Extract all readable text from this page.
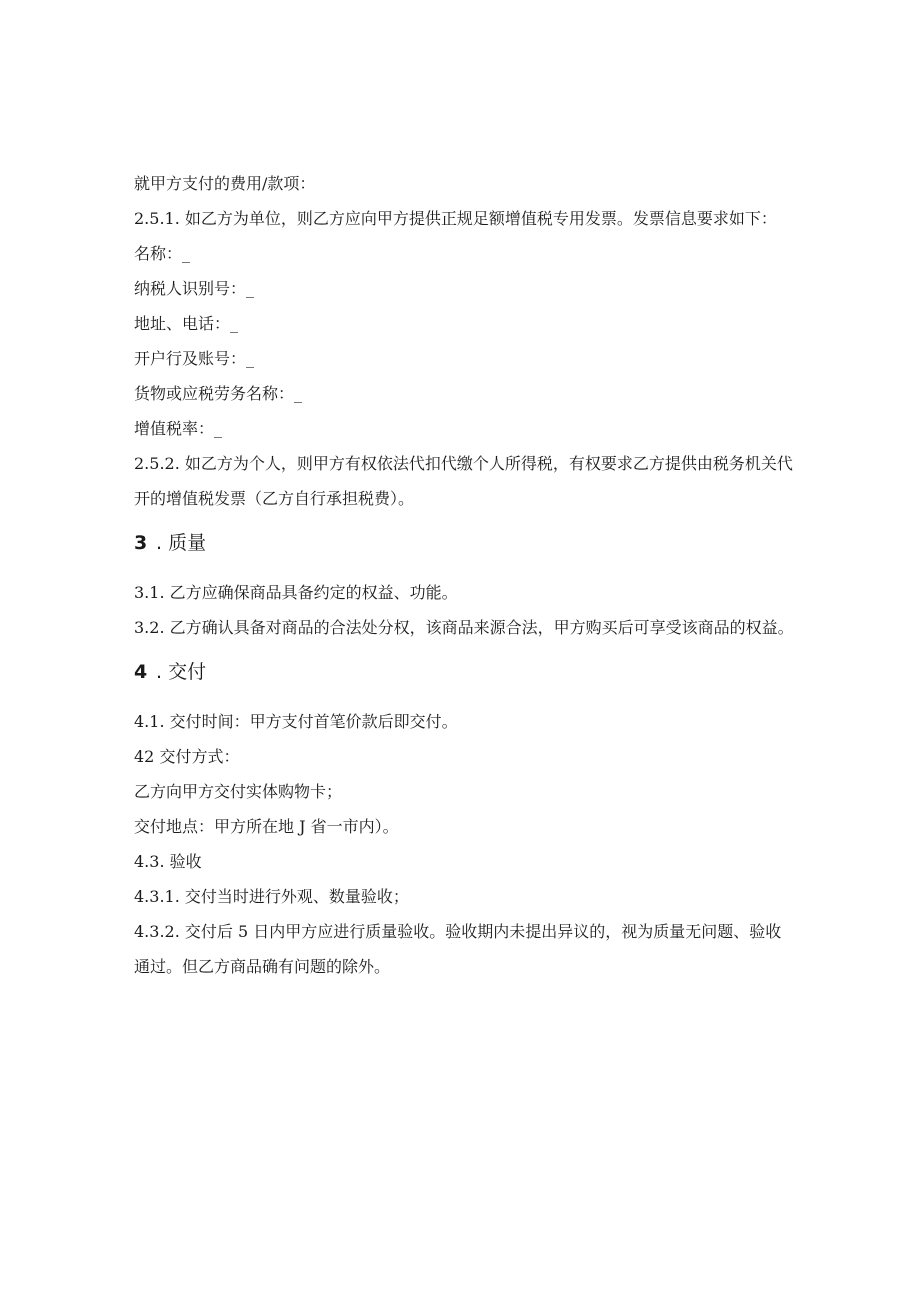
就甲方支付的费用/款项：

2.5.1. 如乙方为单位，则乙方应向甲方提供正规足额增值税专用发票。发票信息要求如下：

名称：_

纳税人识别号：_

地址、电话：_

开户行及账号：_

货物或应税劳务名称：_

增值税率：_

2.5.2. 如乙方为个人，则甲方有权依法代扣代缴个人所得税，有权要求乙方提供由税务机关代开的增值税发票（乙方自行承担税费）。

3 . 质量

3.1. 乙方应确保商品具备约定的权益、功能。

3.2. 乙方确认具备对商品的合法处分权，该商品来源合法，甲方购买后可享受该商品的权益。

4 . 交付

4.1. 交付时间：甲方支付首笔价款后即交付。

42 交付方式：

乙方向甲方交付实体购物卡；

交付地点：甲方所在地 J 省一市内）。

4.3. 验收

4.3.1. 交付当时进行外观、数量验收；

4.3.2. 交付后 5 日内甲方应进行质量验收。验收期内未提出异议的，视为质量无问题、验收通过。但乙方商品确有问题的除外。
